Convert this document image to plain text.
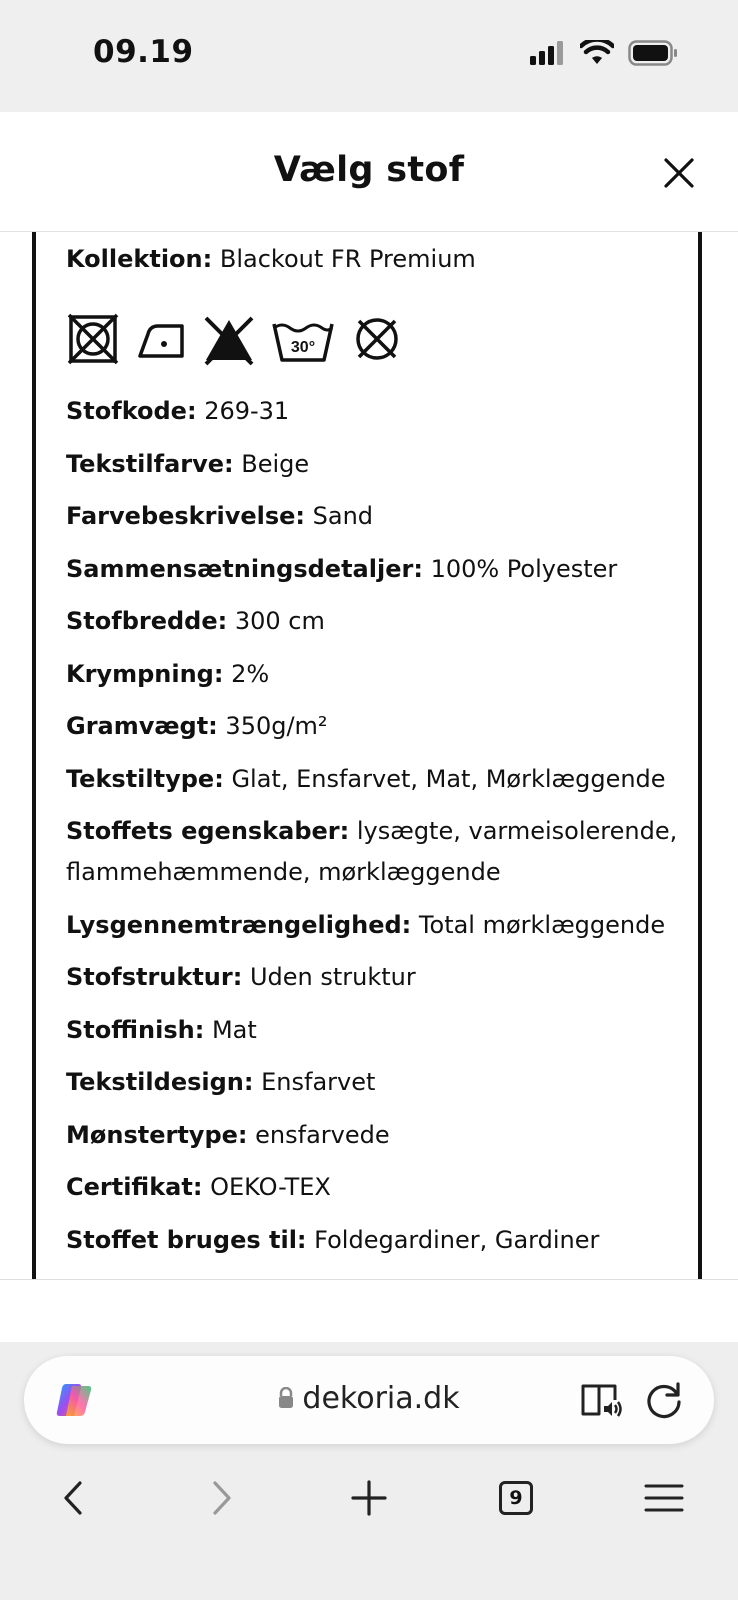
09.19
Vælg stof
Kollektion: Blackout FR Premium
30°
Stofkode: 269-31
Tekstilfarve: Beige
Farvebeskrivelse: Sand
Sammensætningsdetaljer: 100% Polyester
Stofbredde: 300 cm
Krympning: 2%
Gramvægt: 350g/m²
Tekstiltype: Glat, Ensfarvet, Mat, Mørklæggende
Stoffets egenskaber: lysægte, varmeisolerende, flammehæmmende, mørklæggende
Lysgennemtrængelighed: Total mørklæggende
Stofstruktur: Uden struktur
Stoffinish: Mat
Tekstildesign: Ensfarvet
Mønstertype: ensfarvede
Certifikat: OEKO-TEX
Stoffet bruges til: Foldegardiner, Gardiner
dekoria.dk
9
